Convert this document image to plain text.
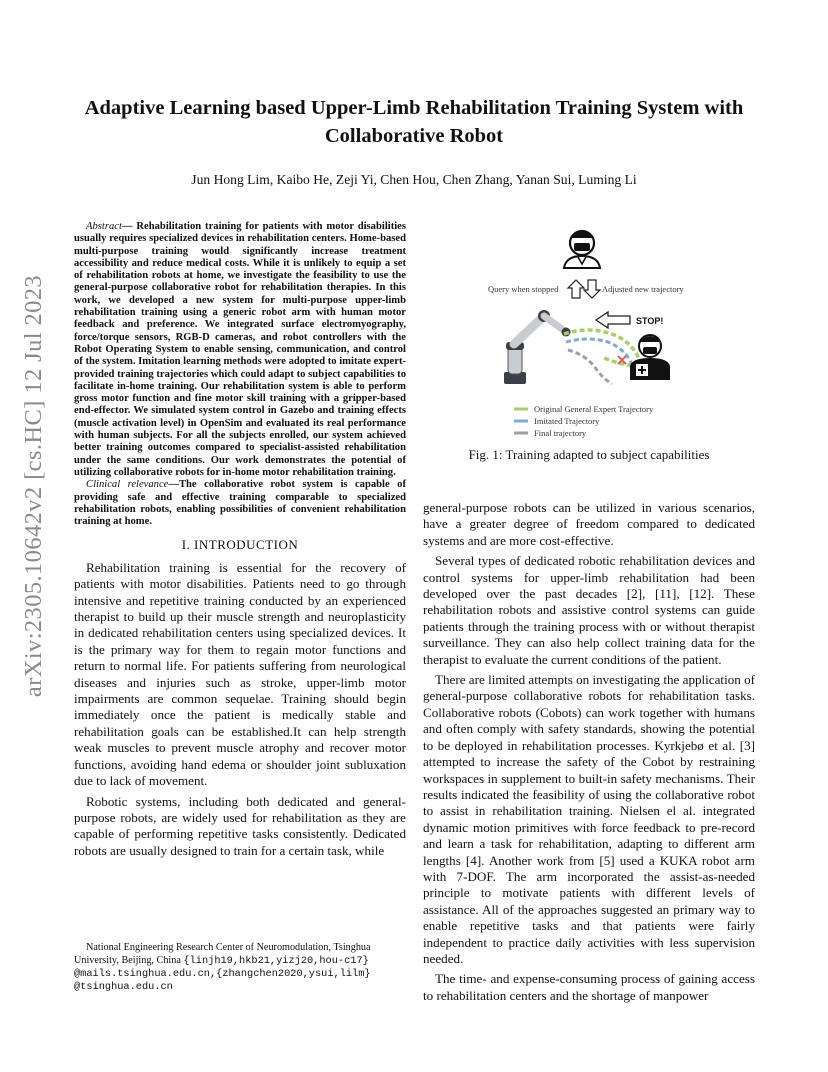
arXiv:2305.10642v2 [cs.HC] 12 Jul 2023
Adaptive Learning based Upper-Limb Rehabilitation Training System with Collaborative Robot
Jun Hong Lim, Kaibo He, Zeji Yi, Chen Hou, Chen Zhang, Yanan Sui, Luming Li

Abstract— Rehabilitation training for patients with motor disabilities usually requires specialized devices in rehabilitation centers. Home-based multi-purpose training would significantly increase treatment accessibility and reduce medical costs. While it is unlikely to equip a set of rehabilitation robots at home, we investigate the feasibility to use the general-purpose collaborative robot for rehabilitation therapies. In this work, we developed a new system for multi-purpose upper-limb rehabilitation training using a generic robot arm with human motor feedback and preference. We integrated surface electromyography, force/torque sensors, RGB-D cameras, and robot controllers with the Robot Operating System to enable sensing, communication, and control of the system. Imitation learning methods were adopted to imitate expert-provided training trajectories which could adapt to subject capabilities to facilitate in-home training. Our rehabilitation system is able to perform gross motor function and fine motor skill training with a gripper-based end-effector. We simulated system control in Gazebo and training effects (muscle activation level) in OpenSim and evaluated its real performance with human subjects. For all the subjects enrolled, our system achieved better training outcomes compared to specialist-assisted rehabilitation under the same conditions. Our work demonstrates the potential of utilizing collaborative robots for in-home motor rehabilitation training.

Clinical relevance—The collaborative robot system is capable of providing safe and effective training comparable to specialized rehabilitation robots, enabling possibilities of convenient rehabilitation training at home.

I. INTRODUCTION

Rehabilitation training is essential for the recovery of patients with motor disabilities. Patients need to go through intensive and repetitive training conducted by an experienced therapist to build up their muscle strength and neuroplasticity in dedicated rehabilitation centers using specialized devices. It is the primary way for them to regain motor functions and return to normal life. For patients suffering from neurological diseases and injuries such as stroke, upper-limb motor impairments are common sequelae. Training should begin immediately once the patient is medically stable and rehabilitation goals can be established.It can help strength weak muscles to prevent muscle atrophy and recover motor functions, avoiding hand edema or shoulder joint subluxation due to lack of movement.

Robotic systems, including both dedicated and general-purpose robots, are widely used for rehabilitation as they are capable of performing repetitive tasks consistently. Dedicated robots are usually designed to train for a certain task, while

National Engineering Research Center of Neuromodulation, Tsinghua University, Beijing, China {linjh19,hkb21,yizj20,hou-c17}

@mails.tsinghua.edu.cn,{zhangchen2020,ysui,lilm}
@tsinghua.edu.cn
Query when stopped	Adjusted new trajectory
STOP!
Original General Expert Trajectory
Imitated Trajectory
Final trajectory
Fig. 1: Training adapted to subject capabilities

general-purpose robots can be utilized in various scenarios, have a greater degree of freedom compared to dedicated systems and are more cost-effective.

Several types of dedicated robotic rehabilitation devices and control systems for upper-limb rehabilitation had been developed over the past decades [2], [11], [12]. These rehabilitation robots and assistive control systems can guide patients through the training process with or without therapist surveillance. They can also help collect training data for the therapist to evaluate the current conditions of the patient.

There are limited attempts on investigating the application of general-purpose collaborative robots for rehabilitation tasks. Collaborative robots (Cobots) can work together with humans and often comply with safety standards, showing the potential to be deployed in rehabilitation processes. Kyrkjebø et al. [3] attempted to increase the safety of the Cobot by restraining workspaces in supplement to built-in safety mechanisms. Their results indicated the feasibility of using the collaborative robot to assist in rehabilitation training. Nielsen el al. integrated dynamic motion primitives with force feedback to pre-record and learn a task for rehabilitation, adapting to different arm lengths [4]. Another work from [5] used a KUKA robot arm with 7-DOF. The arm incorporated the assist-as-needed principle to motivate patients with different levels of assistance. All of the approaches suggested an primary way to enable repetitive tasks and that patients were fairly independent to practice daily activities with less supervision needed.

The time- and expense-consuming process of gaining access to rehabilitation centers and the shortage of manpower
